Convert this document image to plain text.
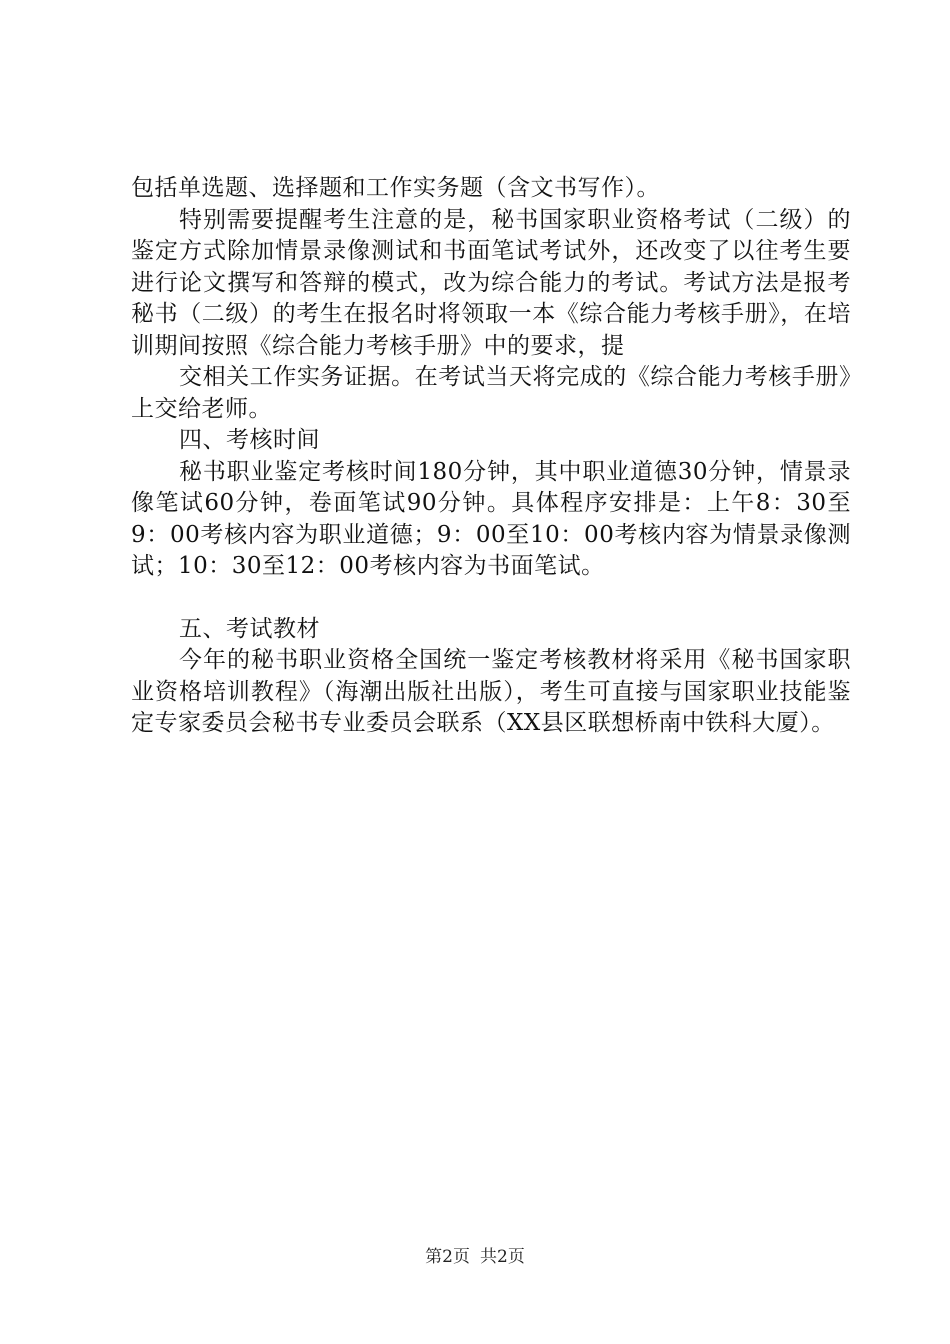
包括单选题、选择题和工作实务题（含文书写作）。

特别需要提醒考生注意的是，秘书国家职业资格考试（二级）的鉴定方式除加情景录像测试和书面笔试考试外，还改变了以往考生要进行论文撰写和答辩的模式，改为综合能力的考试。考试方法是报考秘书（二级）的考生在报名时将领取一本《综合能力考核手册》，在培训期间按照《综合能力考核手册》中的要求，提

交相关工作实务证据。在考试当天将完成的《综合能力考核手册》上交给老师。

四、考核时间

秘书职业鉴定考核时间180分钟，其中职业道德30分钟，情景录像笔试60分钟，卷面笔试90分钟。具体程序安排是：上午8：30至9：00考核内容为职业道德；9：00至10：00考核内容为情景录像测试；10：30至12：00考核内容为书面笔试。

五、考试教材

今年的秘书职业资格全国统一鉴定考核教材将采用《秘书国家职业资格培训教程》（海潮出版社出版），考生可直接与国家职业技能鉴定专家委员会秘书专业委员会联系（XX县区联想桥南中铁科大厦）。

第2页 共2页
